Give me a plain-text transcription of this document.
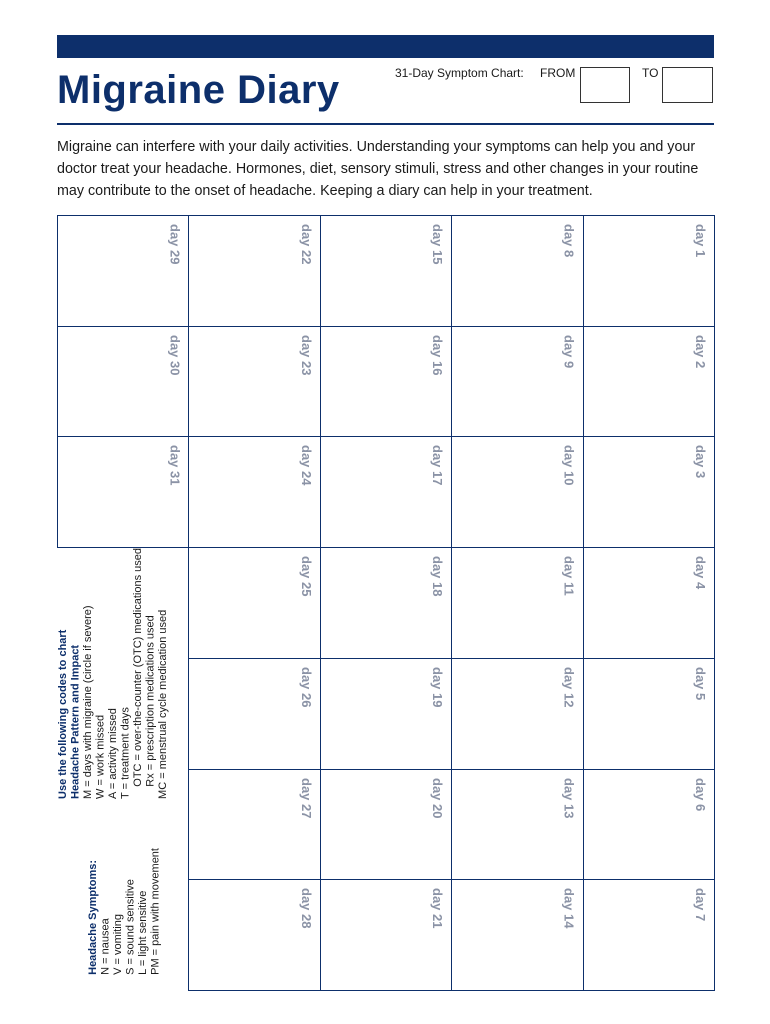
Migraine Diary	31-Day Symptom Chart: FROM	TO

Migraine can interfere with your daily activities. Understanding your symptoms can help you and your doctor treat your headache. Hormones, diet, sensory stimuli, stress and other changes in your routine may contribute to the onset of headache. Keeping a diary can help in your treatment.

day 1
day 2
day 3
day 4
day 5
day 6
day 7
day 8
day 9
day 10
day 11
day 12
day 13
day 14
day 15
day 16
day 17
day 18
day 19
day 20
day 21
day 22
day 23
day 24
day 25
day 26
day 27
day 28
day 29
day 30
day 31
Use the following codes to chart Headache Pattern and Impact M = days with migraine (circle if severe) W = work missed A = activity missed T = treatment days OTC = over-the-counter (OTC) medications used Rx = prescription medications used MC = menstrual cycle medication used
Headache Symptoms: N = nausea V = vomiting S = sound sensitive L = light sensitive PM = pain with movement
